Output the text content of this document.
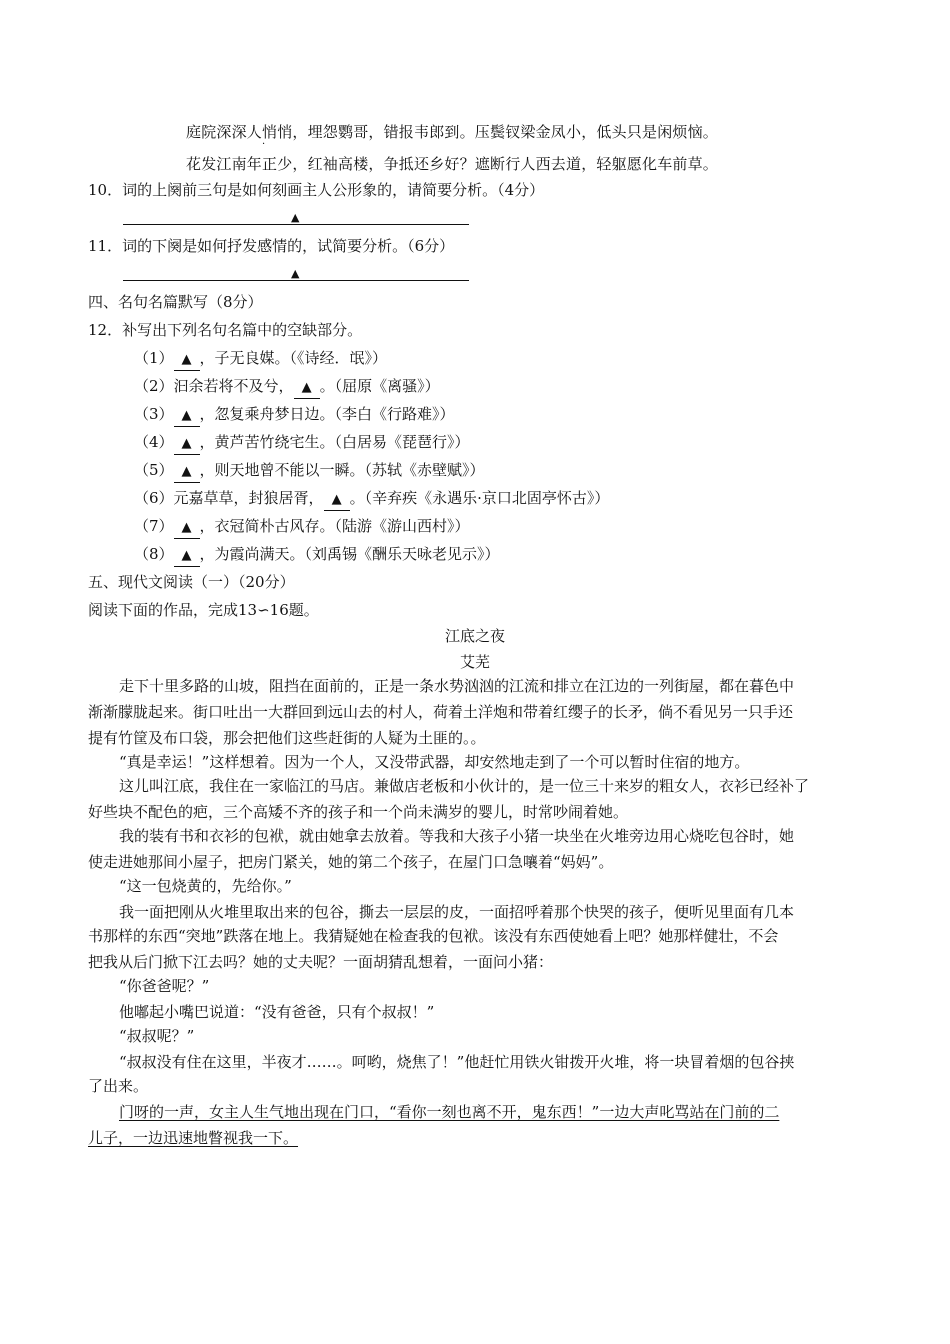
庭院深深人悄悄，埋怨鹦哥，错报韦郎到。压鬓钗梁金凤小，低头只是闲烦恼。
·
花发江南年正少，红袖高楼，争抵还乡好？遮断行人西去道，轻躯愿化车前草。
10．词的上阕前三句是如何刻画主人公形象的，请简要分析。（4分）
▲
11．词的下阕是如何抒发感情的，试简要分析。（6分）
▲
四、名句名篇默写（8分）
12．补写出下列名句名篇中的空缺部分。
（1） ▲ ，子无良媒。（《诗经．氓》）
（2）汩余若将不及兮， ▲ 。（屈原《离骚》）
（3） ▲ ，忽复乘舟梦日边。（李白《行路难》）
（4） ▲ ，黄芦苦竹绕宅生。（白居易《琵琶行》）
（5） ▲ ，则天地曾不能以一瞬。（苏轼《赤壁赋》）
（6）元嘉草草，封狼居胥， ▲ 。（辛弃疾《永遇乐·京口北固亭怀古》）
（7） ▲ ，衣冠简朴古风存。（陆游《游山西村》）
（8） ▲ ，为霞尚满天。（刘禹锡《酬乐天咏老见示》）
五、现代文阅读（一）（20分）
阅读下面的作品，完成13∽16题。
江底之夜
艾芜
走下十里多路的山坡，阻挡在面前的，正是一条水势汹汹的江流和排立在江边的一列街屋，都在暮色中
渐渐朦胧起来。街口吐出一大群回到远山去的村人，荷着土洋炮和带着红缨子的长矛，倘不看见另一只手还
提有竹筐及布口袋，那会把他们这些赶街的人疑为土匪的。。
“真是幸运！”这样想着。因为一个人，又没带武器，却安然地走到了一个可以暂时住宿的地方。
这儿叫江底，我住在一家临江的马店。兼做店老板和小伙计的，是一位三十来岁的粗女人，衣衫已经补了
好些块不配色的疤，三个高矮不齐的孩子和一个尚未满岁的婴儿，时常吵闹着她。
我的装有书和衣衫的包袱，就由她拿去放着。等我和大孩子小猪一块坐在火堆旁边用心烧吃包谷时，她
使走进她那间小屋子，把房门紧关，她的第二个孩子，在屋门口急嚷着“妈妈”。
“这一包烧黄的，先给你。”
我一面把刚从火堆里取出来的包谷，撕去一层层的皮，一面招呼着那个快哭的孩子，便听见里面有几本
书那样的东西“突地”跌落在地上。我猜疑她在检查我的包袱。该没有东西使她看上吧？她那样健壮，不会
把我从后门掀下江去吗？她的丈夫呢？一面胡猜乱想着，一面问小猪：
“你爸爸呢？”
他嘟起小嘴巴说道：“没有爸爸，只有个叔叔！”
“叔叔呢？”
“叔叔没有住在这里，半夜才……。呵哟，烧焦了！”他赶忙用铁火钳拨开火堆，将一块冒着烟的包谷挟
了出来。
门呀的一声，女主人生气地出现在门口，“看你一刻也离不开，鬼东西！”一边大声叱骂站在门前的二
儿子，一边迅速地瞥视我一下。
